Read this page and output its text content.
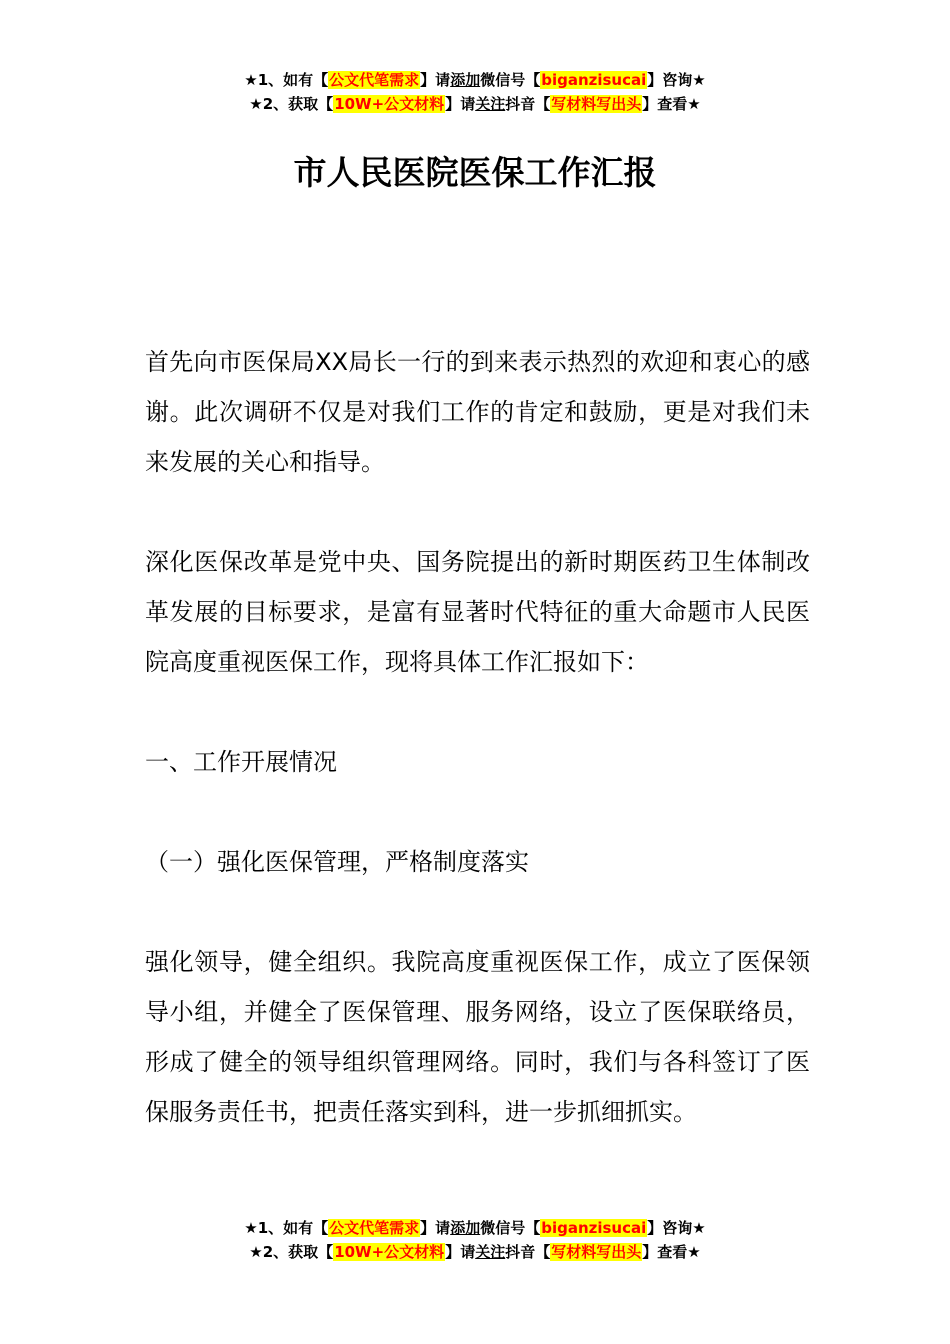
★1、如有【公文代笔需求】请添加微信号【biganzisucai】咨询★
★2、获取【10W+公文材料】请关注抖音【写材料写出头】查看★
市人民医院医保工作汇报

首先向市医保局XX局长一行的到来表示热烈的欢迎和衷心的感谢。此次调研不仅是对我们工作的肯定和鼓励，更是对我们未来发展的关心和指导。

深化医保改革是党中央、国务院提出的新时期医药卫生体制改革发展的目标要求，是富有显著时代特征的重大命题市人民医院高度重视医保工作，现将具体工作汇报如下：

一、工作开展情况

（一）强化医保管理，严格制度落实

强化领导，健全组织。我院高度重视医保工作，成立了医保领导小组，并健全了医保管理、服务网络，设立了医保联络员，形成了健全的领导组织管理网络。同时，我们与各科签订了医保服务责任书，把责任落实到科，进一步抓细抓实。

★1、如有【公文代笔需求】请添加微信号【biganzisucai】咨询★
★2、获取【10W+公文材料】请关注抖音【写材料写出头】查看★
